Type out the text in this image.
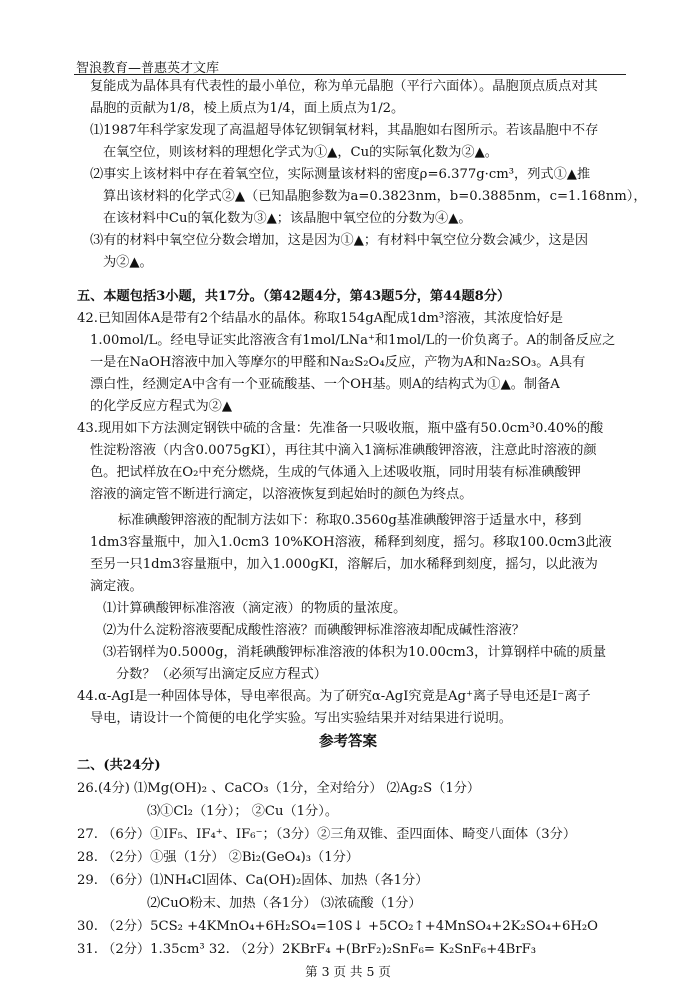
智浪教育—普惠英才文库
复能成为晶体具有代表性的最小单位，称为单元晶胞（平行六面体）。晶胞顶点质点对其
晶胞的贡献为1/8，棱上质点为1/4，面上质点为1/2。
⑴1987年科学家发现了高温超导体钇钡铜氧材料，其晶胞如右图所示。若该晶胞中不存
在氧空位，则该材料的理想化学式为①▲，Cu的实际氧化数为②▲。
⑵事实上该材料中存在着氧空位，实际测量该材料的密度ρ=6.377g·cm³，列式①▲推
算出该材料的化学式②▲（已知晶胞参数为a=0.3823nm，b=0.3885nm，c=1.168nm），
在该材料中Cu的氧化数为③▲；该晶胞中氧空位的分数为④▲。
⑶有的材料中氧空位分数会增加，这是因为①▲；有材料中氧空位分数会减少，这是因
为②▲。
五、本题包括3小题，共17分。（第42题4分，第43题5分，第44题8分）
42.已知固体A是带有2个结晶水的晶体。称取154gA配成1dm³溶液，其浓度恰好是
1.00mol/L。经电导证实此溶液含有1mol/LNa⁺和1mol/L的一价负离子。A的制备反应之
一是在NaOH溶液中加入等摩尔的甲醛和Na₂S₂O₄反应，产物为A和Na₂SO₃。A具有
漂白性，经测定A中含有一个亚硫酸基、一个OH基。则A的结构式为①▲。制备A
的化学反应方程式为②▲
43.现用如下方法测定钢铁中硫的含量：先准备一只吸收瓶，瓶中盛有50.0cm³0.40%的酸
性淀粉溶液（内含0.0075gKI），再往其中滴入1滴标准碘酸钾溶液，注意此时溶液的颜
色。把试样放在O₂中充分燃烧，生成的气体通入上述吸收瓶，同时用装有标准碘酸钾
溶液的滴定管不断进行滴定，以溶液恢复到起始时的颜色为终点。
标准碘酸钾溶液的配制方法如下：称取0.3560g基准碘酸钾溶于适量水中，移到
1dm3容量瓶中，加入1.0cm3 10%KOH溶液，稀释到刻度，摇匀。移取100.0cm3此液
至另一只1dm3容量瓶中，加入1.000gKI，溶解后，加水稀释到刻度，摇匀，以此液为
滴定液。
⑴计算碘酸钾标准溶液（滴定液）的物质的量浓度。
⑵为什么淀粉溶液要配成酸性溶液？而碘酸钾标准溶液却配成碱性溶液？
⑶若钢样为0.5000g，消耗碘酸钾标准溶液的体积为10.00cm3，计算钢样中硫的质量
分数？（必须写出滴定反应方程式）
44.α-AgI是一种固体导体，导电率很高。为了研究α-AgI究竟是Ag⁺离子导电还是I⁻离子
导电，请设计一个简便的电化学实验。写出实验结果并对结果进行说明。
参考答案
二、(共24分)
26.(4分) ⑴Mg(OH)₂ 、CaCO₃（1分，全对给分） ⑵Ag₂S（1分）
⑶①Cl₂（1分）； ②Cu（1分）。
27. （6分）①IF₅、IF₄⁺、IF₆⁻；（3分）②三角双锥、歪四面体、畸变八面体（3分）
28. （2分）①强（1分） ②Bi₂(GeO₄)₃（1分）
29. （6分）⑴NH₄Cl固体、Ca(OH)₂固体、加热（各1分）
⑵CuO粉末、加热（各1分） ⑶浓硫酸（1分）
30. （2分）5CS₂ +4KMnO₄+6H₂SO₄=10S↓ +5CO₂↑+4MnSO₄+2K₂SO₄+6H₂O
31. （2分）1.35cm³ 32. （2分）2KBrF₄ +(BrF₂)₂SnF₆= K₂SnF₆+4BrF₃
第 3 页 共 5 页
